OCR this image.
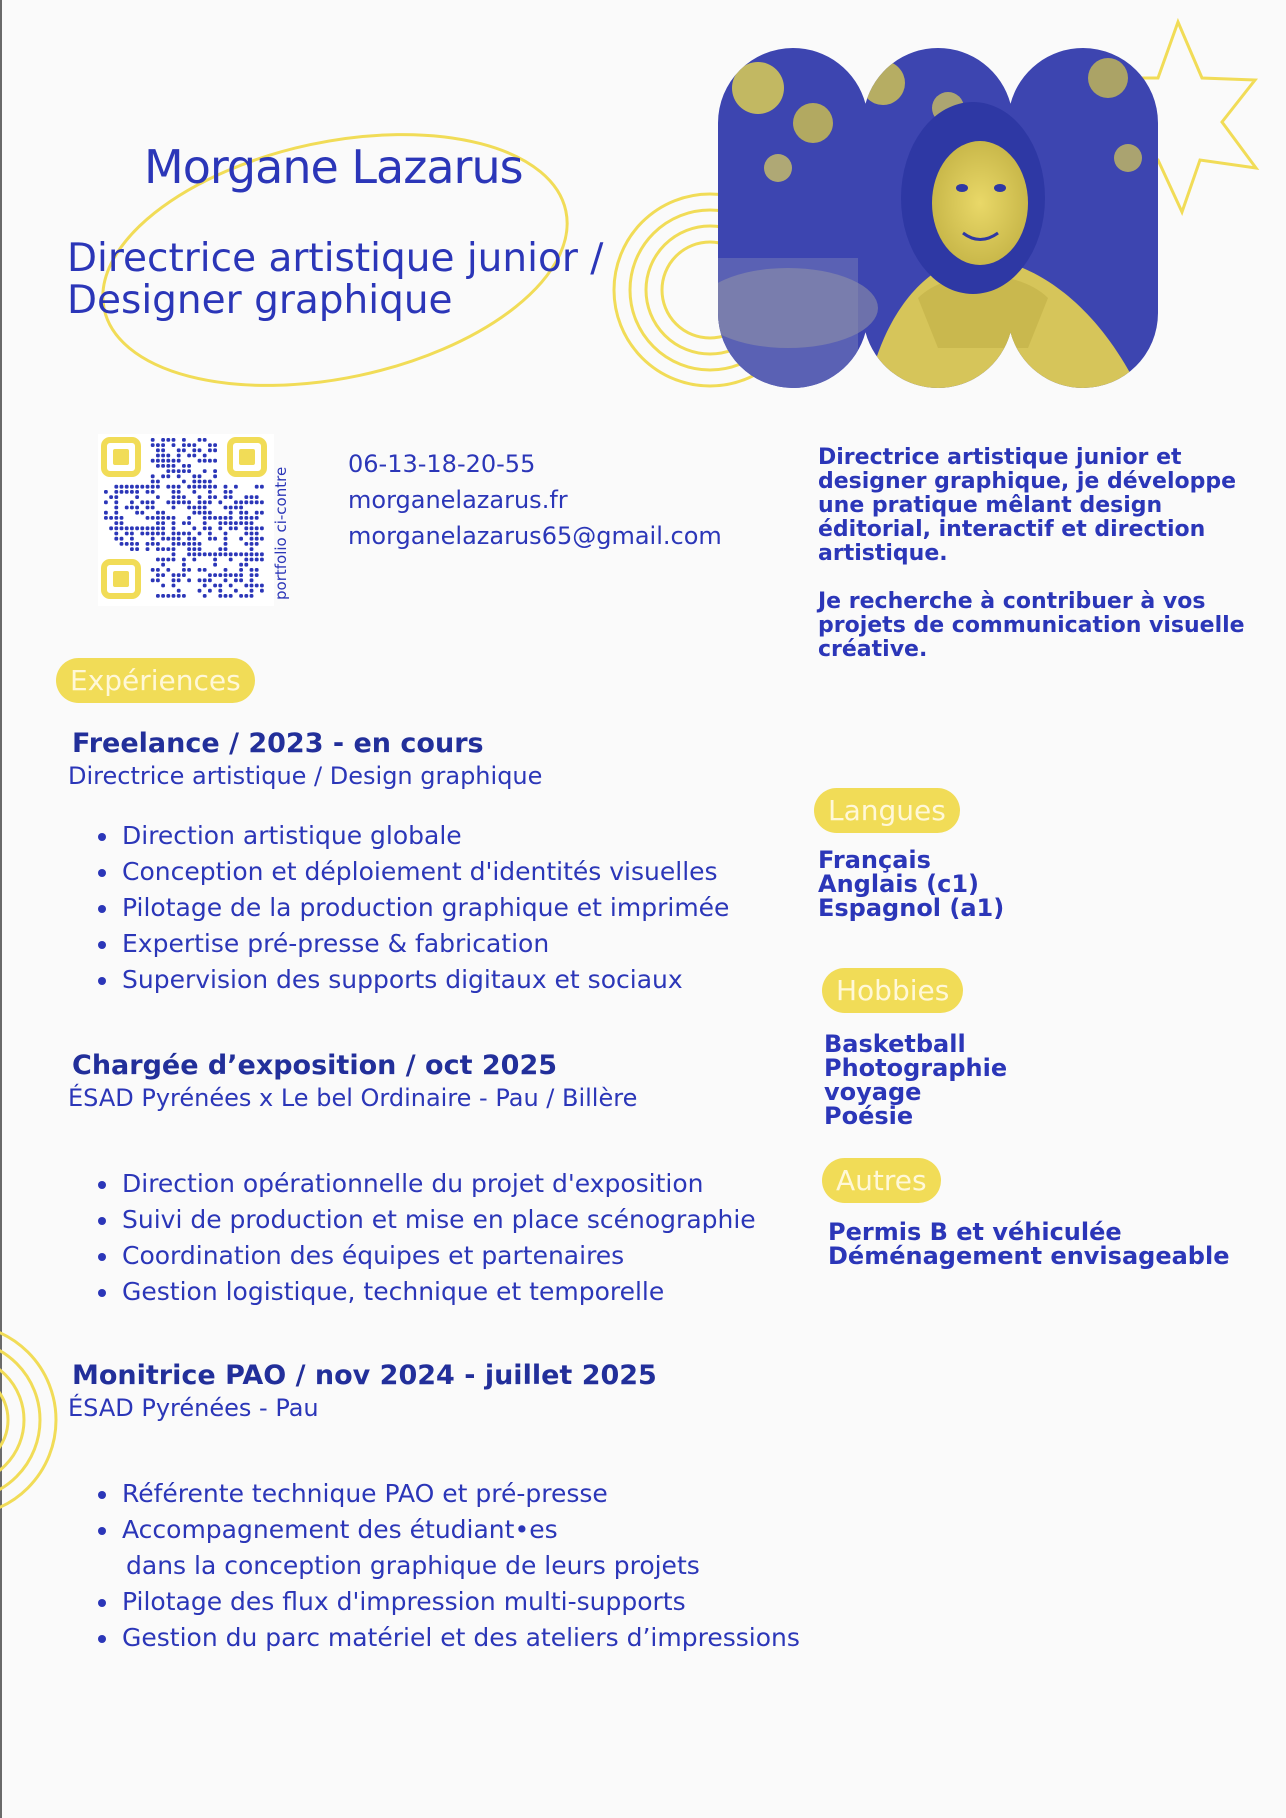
Morgane Lazarus
Directrice artistique junior /
Designer graphique
portfolio ci-contre
06-13-18-20-55
morganelazarus.fr
morganelazarus65@gmail.com

Directrice artistique junior et designer graphique, je développe une pratique mêlant design éditorial, interactif et direction artistique.

Je recherche à contribuer à vos projets de communication visuelle créative.

Expériences
Freelance / 2023 - en cours
Directrice artistique / Design graphique
• Direction artistique globale
• Conception et déploiement d'identités visuelles
• Pilotage de la production graphique et imprimée
• Expertise pré-presse & fabrication
• Supervision des supports digitaux et sociaux
Chargée d’exposition / oct 2025
ÉSAD Pyrénées x Le bel Ordinaire - Pau / Billère
• Direction opérationnelle du projet d'exposition
• Suivi de production et mise en place scénographie
• Coordination des équipes et partenaires
• Gestion logistique, technique et temporelle
Monitrice PAO / nov 2024 - juillet 2025
ÉSAD Pyrénées - Pau
• Référente technique PAO et pré-presse
• Accompagnement des étudiant•es
dans la conception graphique de leurs projets
• Pilotage des flux d'impression multi-supports
• Gestion du parc matériel et des ateliers d’impressions
Langues
Français
Anglais (c1)
Espagnol (a1)
Hobbies
Basketball
Photographie
voyage
Poésie
Autres
Permis B et véhiculée
Déménagement envisageable
